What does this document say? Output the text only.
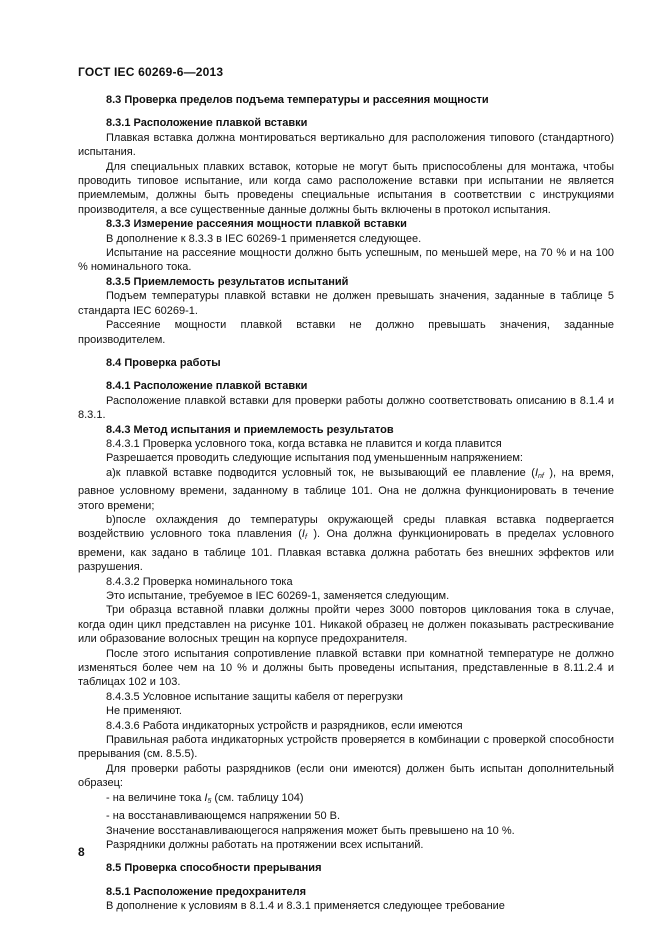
ГОСТ IEC 60269-6—2013

8.3 Проверка пределов подъема температуры и рассеяния мощности

8.3.1 Расположение плавкой вставки

Плавкая вставка должна монтироваться вертикально для расположения типового (стандартного) испытания.

Для специальных плавких вставок, которые не могут быть приспособлены для монтажа, чтобы проводить типовое испытание, или когда само расположение вставки при испытании не является приемлемым, должны быть проведены специальные испытания в соответствии с инструкциями производителя, а все существенные данные должны быть включены в протокол испытания.

8.3.3 Измерение рассеяния мощности плавкой вставки

В дополнение к 8.3.3 в IEC 60269-1 применяется следующее.

Испытание на рассеяние мощности должно быть успешным, по меньшей мере, на 70 % и на 100 % номинального тока.

8.3.5 Приемлемость результатов испытаний

Подъем температуры плавкой вставки не должен превышать значения, заданные в таблице 5 стандарта IEC 60269-1.

Рассеяние мощности плавкой вставки не должно превышать значения, заданные производителем.

8.4 Проверка работы

8.4.1 Расположение плавкой вставки

Расположение плавкой вставки для проверки работы должно соответствовать описанию в 8.1.4 и 8.3.1.

8.4.3 Метод испытания и приемлемость результатов

8.4.3.1 Проверка условного тока, когда вставка не плавится и когда плавится

Разрешается проводить следующие испытания под уменьшенным напряжением:

а)к плавкой вставке подводится условный ток, не вызывающий ее плавление ($I_{nf}$ ), на время, равное условному времени, заданному в таблице 101. Она не должна функционировать в течение этого времени;

b)после охлаждения до температуры окружающей среды плавкая вставка подвергается воздействию условного тока плавления ($I_f$ ). Она должна функционировать в пределах условного времени, как задано в таблице 101. Плавкая вставка должна работать без внешних эффектов или разрушения.

8.4.3.2 Проверка номинального тока

Это испытание, требуемое в IEC 60269-1, заменяется следующим.

Три образца вставной плавки должны пройти через 3000 повторов циклования тока в случае, когда один цикл представлен на рисунке 101. Никакой образец не должен показывать растрескивание или образование волосных трещин на корпусе предохранителя.

После этого испытания сопротивление плавкой вставки при комнатной температуре не должно изменяться более чем на 10 % и должны быть проведены испытания, представленные в 8.11.2.4 и таблицах 102 и 103.

8.4.3.5 Условное испытание защиты кабеля от перегрузки

Не применяют.

8.4.3.6 Работа индикаторных устройств и разрядников, если имеются

Правильная работа индикаторных устройств проверяется в комбинации с проверкой способности прерывания (см. 8.5.5).

Для проверки работы разрядников (если они имеются) должен быть испытан дополнительный образец:

- на величине тока $I_5$ (см. таблицу 104)

- на восстанавливающемся напряжении 50 В.

Значение восстанавливающегося напряжения может быть превышено на 10 %.

Разрядники должны работать на протяжении всех испытаний.

8.5 Проверка способности прерывания

8.5.1 Расположение предохранителя

В дополнение к условиям в 8.1.4 и 8.3.1 применяется следующее требование

8
